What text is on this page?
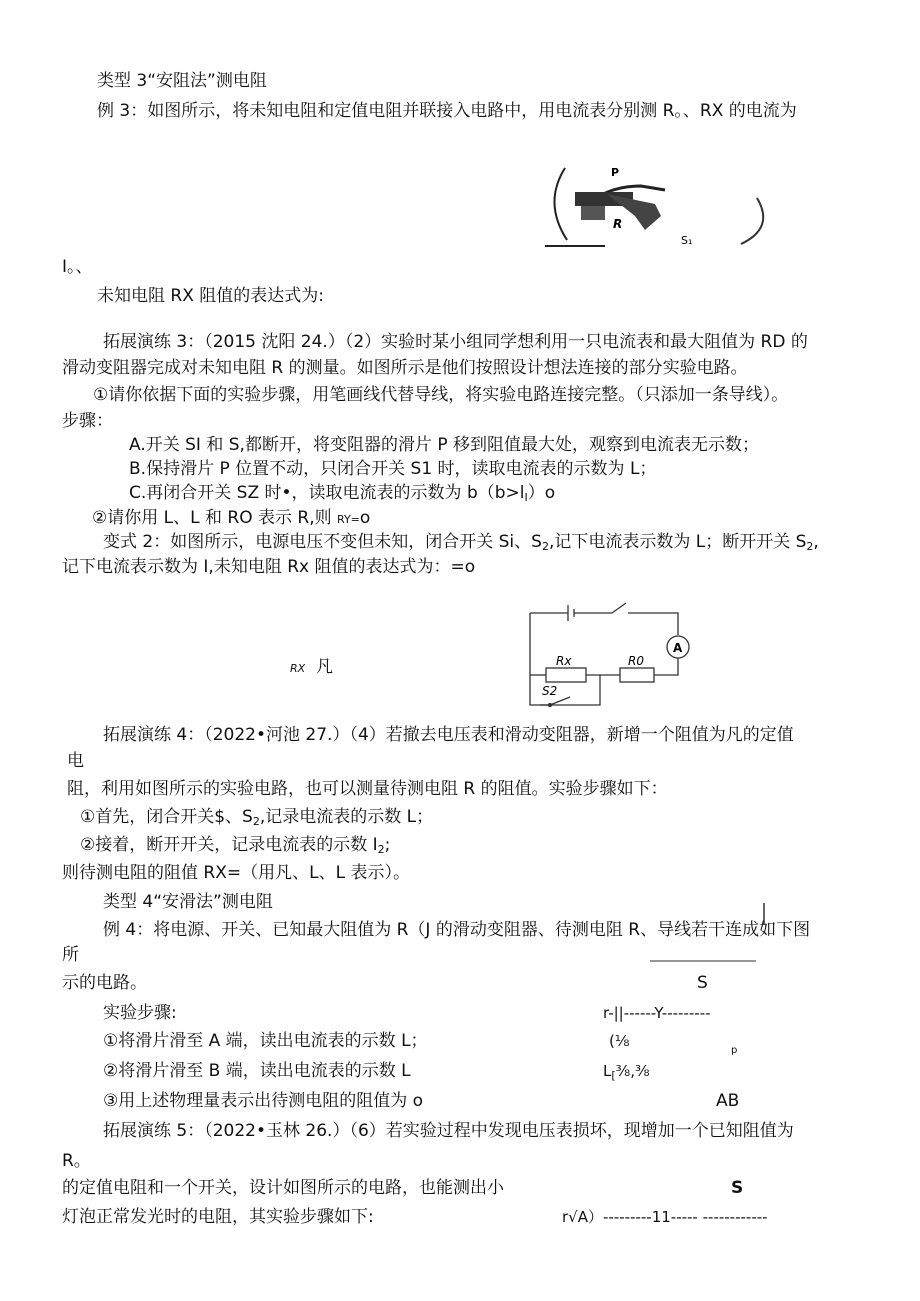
类型 3“安阻法”测电阻
例 3：如图所示，将未知电阻和定值电阻并联接入电路中，用电流表分别测 R。、RX 的电流为
P
R
S₁
I。、
未知电阻 RX 阻值的表达式为:
拓展演练 3：（2015 沈阳 24.）（2）实验时某小组同学想利用一只电流表和最大阻值为 RD 的
滑动变阻器完成对未知电阻 R 的测量。如图所示是他们按照设计想法连接的部分实验电路。
①请你依据下面的实验步骤，用笔画线代替导线，将实验电路连接完整。（只添加一条导线）。
步骤：
A.开关 SI 和 S,都断开，将变阻器的滑片 P 移到阻值最大处，观察到电流表无示数；
B.保持滑片 P 位置不动，只闭合开关 S1 时，读取电流表的示数为 L；
C.再闭合开关 SZ 时•，读取电流表的示数为 $b(b>l_I)o$
②请你用 L、L 和 RO 表示 R,则 RY=o
变式 2：如图所示，电源电压不变但未知，闭合开关 Si、$S_2$,记下电流表示数为 L；断开开关 $S_2$,
记下电流表示数为 I,未知电阻 Rx 阻值的表达式为：=o
RX 凡
A
Rx	R0
S2
拓展演练 4：（2022•河池 27.）（4）若撤去电压表和滑动变阻器，新增一个阻值为凡的定值
电
阻，利用如图所示的实验电路，也可以测量待测电阻 R 的阻值。实验步骤如下：
①首先，闭合开关$、$S_2$,记录电流表的示数 L；
②接着，断开开关，记录电流表的示数 $I_2$;
则待测电阻的阻值 RX=（用凡、L、L 表示）。
类型 4“安滑法”测电阻
例 4：将电源、开关、已知最大阻值为 R（J 的滑动变阻器、待测电阻 R、导线若干连成如下图
所
示的电路。
实验步骤:
①将滑片滑至 A 端，读出电流表的示数 L；
②将滑片滑至 B 端，读出电流表的示数 L
③用上述物理量表示出待测电阻的阻值为 o
S
r-||------Y---------
(⅛
p
$L_[\frac{3}{8},\frac{3}{8}$
AB
拓展演练 5：（2022•玉林 26.）（6）若实验过程中发现电压表损坏，现增加一个已知阻值为
R。
的定值电阻和一个开关，设计如图所示的电路，也能测出小	S
灯泡正常发光时的电阻，其实验步骤如下:	r√A）---------11----- ------------
